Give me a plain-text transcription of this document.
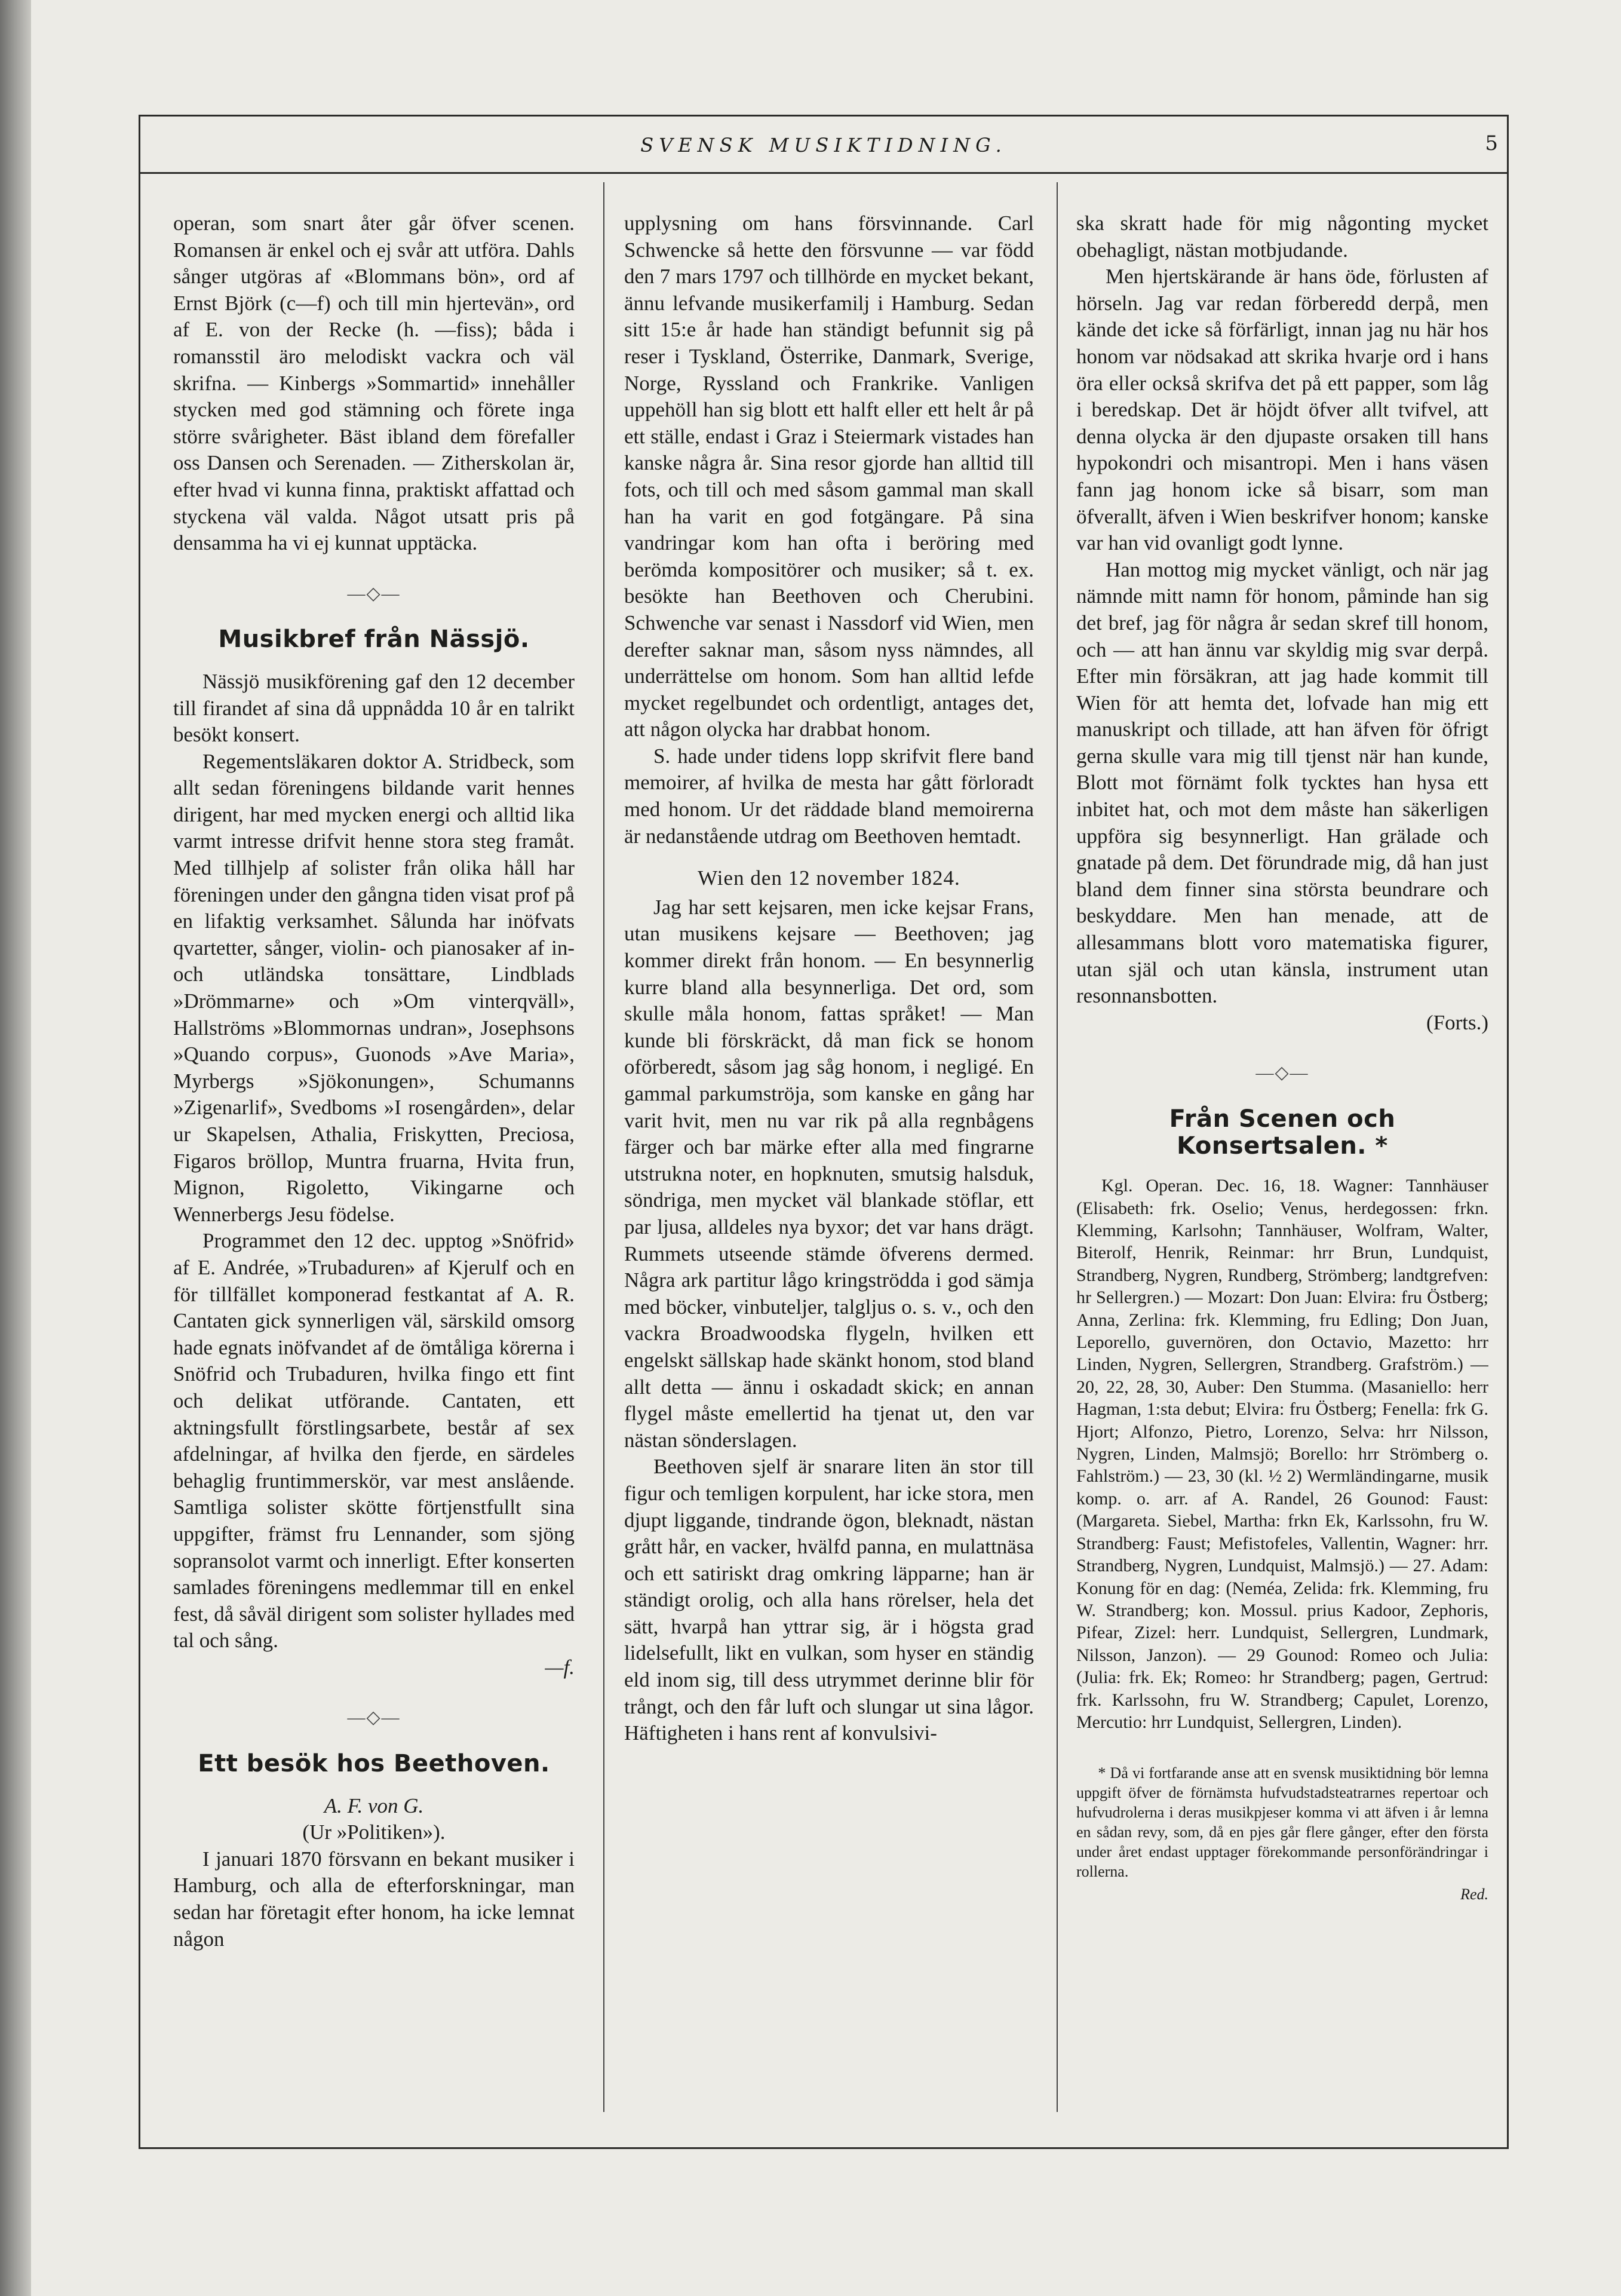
SVENSK MUSIKTIDNING.	5

operan, som snart åter går öfver scenen. Romansen är enkel och ej svår att utföra. Dahls sånger utgöras af «Blommans bön», ord af Ernst Björk (c—f) och till min hjertevän», ord af E. von der Recke (h. —fiss); båda i romansstil äro melodiskt vackra och väl skrifna. — Kinbergs »Sommartid» innehåller stycken med god stämning och förete inga större svårigheter. Bäst ibland dem förefaller oss Dansen och Serenaden. — Zitherskolan är, efter hvad vi kunna finna, praktiskt affattad och styckena väl valda. Något utsatt pris på densamma ha vi ej kunnat upptäcka.

—◇—
Musikbref från Nässjö.

Nässjö musikförening gaf den 12 december till firandet af sina då uppnådda 10 år en talrikt besökt konsert.

Regementsläkaren doktor A. Stridbeck, som allt sedan föreningens bildande varit hennes dirigent, har med mycken energi och alltid lika varmt intresse drifvit henne stora steg framåt. Med tillhjelp af solister från olika håll har föreningen under den gångna tiden visat prof på en lifaktig verksamhet. Sålunda har inöfvats qvartetter, sånger, violin- och pianosaker af in- och utländska tonsättare, Lindblads »Drömmarne» och »Om vinterqväll», Hallströms »Blommornas undran», Josephsons »Quando corpus», Guonods »Ave Maria», Myrbergs »Sjökonungen», Schumanns »Zigenarlif», Svedboms »I rosengården», delar ur Skapelsen, Athalia, Friskytten, Preciosa, Figaros bröllop, Muntra fruarna, Hvita frun, Mignon, Rigoletto, Vikingarne och Wennerbergs Jesu födelse.

Programmet den 12 dec. upptog »Snöfrid» af E. Andrée, »Trubaduren» af Kjerulf och en för tillfället komponerad festkantat af A. R. Cantaten gick synnerligen väl, särskild omsorg hade egnats inöfvandet af de ömtåliga körerna i Snöfrid och Trubaduren, hvilka fingo ett fint och delikat utförande. Cantaten, ett aktningsfullt förstlingsarbete, består af sex afdelningar, af hvilka den fjerde, en särdeles behaglig fruntimmerskör, var mest anslående. Samtliga solister skötte förtjenstfullt sina uppgifter, främst fru Lennander, som sjöng sopransolot varmt och innerligt. Efter konserten samlades föreningens medlemmar till en enkel fest, då såväl dirigent som solister hyllades med tal och sång.

—f.

—◇—
Ett besök hos Beethoven.

A. F. von G.

(Ur »Politiken»).

I januari 1870 försvann en bekant musiker i Hamburg, och alla de efterforskningar, man sedan har företagit efter honom, ha icke lemnat någon

upplysning om hans försvinnande. Carl Schwencke så hette den försvunne — var född den 7 mars 1797 och tillhörde en mycket bekant, ännu lefvande musikerfamilj i Hamburg. Sedan sitt 15:e år hade han ständigt befunnit sig på reser i Tyskland, Österrike, Danmark, Sverige, Norge, Ryssland och Frankrike. Vanligen uppehöll han sig blott ett halft eller ett helt år på ett ställe, endast i Graz i Steiermark vistades han kanske några år. Sina resor gjorde han alltid till fots, och till och med såsom gammal man skall han ha varit en god fotgängare. På sina vandringar kom han ofta i beröring med berömda kompositörer och musiker; så t. ex. besökte han Beethoven och Cherubini. Schwenche var senast i Nassdorf vid Wien, men derefter saknar man, såsom nyss nämndes, all underrättelse om honom. Som han alltid lefde mycket regelbundet och ordentligt, antages det, att någon olycka har drabbat honom.

S. hade under tidens lopp skrifvit flere band memoirer, af hvilka de mesta har gått förloradt med honom. Ur det räddade bland memoirerna är nedanstående utdrag om Beethoven hemtadt.

Wien den 12 november 1824.

Jag har sett kejsaren, men icke kejsar Frans, utan musikens kejsare — Beethoven; jag kommer direkt från honom. — En besynnerlig kurre bland alla besynnerliga. Det ord, som skulle måla honom, fattas språket! — Man kunde bli förskräckt, då man fick se honom oförberedt, såsom jag såg honom, i negligé. En gammal parkumströja, som kanske en gång har varit hvit, men nu var rik på alla regnbågens färger och bar märke efter alla med fingrarne utstrukna noter, en hopknuten, smutsig halsduk, söndriga, men mycket väl blankade stöflar, ett par ljusa, alldeles nya byxor; det var hans drägt. Rummets utseende stämde öfverens dermed. Några ark partitur lågo kringströdda i god sämja med böcker, vinbuteljer, talgljus o. s. v., och den vackra Broadwoodska flygeln, hvilken ett engelskt sällskap hade skänkt honom, stod bland allt detta — ännu i oskadadt skick; en annan flygel måste emellertid ha tjenat ut, den var nästan sönderslagen.

Beethoven sjelf är snarare liten än stor till figur och temligen korpulent, har icke stora, men djupt liggande, tindrande ögon, bleknadt, nästan grått hår, en vacker, hvälfd panna, en mulattnäsa och ett satiriskt drag omkring läpparne; han är ständigt orolig, och alla hans rörelser, hela det sätt, hvarpå han yttrar sig, är i högsta grad lidelsefullt, likt en vulkan, som hyser en ständig eld inom sig, till dess utrymmet derinne blir för trångt, och den får luft och slungar ut sina lågor. Häftigheten i hans rent af konvulsivi-

ska skratt hade för mig någonting mycket obehagligt, nästan motbjudande.

Men hjertskärande är hans öde, förlusten af hörseln. Jag var redan förberedd derpå, men kände det icke så förfärligt, innan jag nu här hos honom var nödsakad att skrika hvarje ord i hans öra eller också skrifva det på ett papper, som låg i beredskap. Det är höjdt öfver allt tvifvel, att denna olycka är den djupaste orsaken till hans hypokondri och misantropi. Men i hans väsen fann jag honom icke så bisarr, som man öfverallt, äfven i Wien beskrifver honom; kanske var han vid ovanligt godt lynne.

Han mottog mig mycket vänligt, och när jag nämnde mitt namn för honom, påminde han sig det bref, jag för några år sedan skref till honom, och — att han ännu var skyldig mig svar derpå. Efter min försäkran, att jag hade kommit till Wien för att hemta det, lofvade han mig ett manuskript och tillade, att han äfven för öfrigt gerna skulle vara mig till tjenst när han kunde, Blott mot förnämt folk tycktes han hysa ett inbitet hat, och mot dem måste han säkerligen uppföra sig besynnerligt. Han grälade och gnatade på dem. Det förundrade mig, då han just bland dem finner sina största beundrare och beskyddare. Men han menade, att de allesammans blott voro matematiska figurer, utan själ och utan känsla, instrument utan resonnansbotten.

(Forts.)

—◇—
Från Scenen och Konsertsalen. *

Kgl. Operan. Dec. 16, 18. Wagner: Tannhäuser (Elisabeth: frk. Oselio; Venus, herdegossen: frkn. Klemming, Karlsohn; Tannhäuser, Wolfram, Walter, Biterolf, Henrik, Reinmar: hrr Brun, Lundquist, Strandberg, Nygren, Rundberg, Strömberg; landtgrefven: hr Sellergren.) — Mozart: Don Juan: Elvira: fru Östberg; Anna, Zerlina: frk. Klemming, fru Edling; Don Juan, Leporello, guvernören, don Octavio, Mazetto: hrr Linden, Nygren, Sellergren, Strandberg. Grafström.) — 20, 22, 28, 30, Auber: Den Stumma. (Masaniello: herr Hagman, 1:sta debut; Elvira: fru Östberg; Fenella: frk G. Hjort; Alfonzo, Pietro, Lorenzo, Selva: hrr Nilsson, Nygren, Linden, Malmsjö; Borello: hrr Strömberg o. Fahlström.) — 23, 30 (kl. ½ 2) Wermländingarne, musik komp. o. arr. af A. Randel, 26 Gounod: Faust: (Margareta. Siebel, Martha: frkn Ek, Karlssohn, fru W. Strandberg: Faust; Mefistofeles, Vallentin, Wagner: hrr. Strandberg, Nygren, Lundquist, Malmsjö.) — 27. Adam: Konung för en dag: (Neméa, Zelida: frk. Klemming, fru W. Strandberg; kon. Mossul. prius Kadoor, Zephoris, Pifear, Zizel: herr. Lundquist, Sellergren, Lundmark, Nilsson, Janzon). — 29 Gounod: Romeo och Julia: (Julia: frk. Ek; Romeo: hr Strandberg; pagen, Gertrud: frk. Karlssohn, fru W. Strandberg; Capulet, Lorenzo, Mercutio: hrr Lundquist, Sellergren, Linden).

* Då vi fortfarande anse att en svensk musiktidning bör lemna uppgift öfver de förnämsta hufvudstadsteatrarnes repertoar och hufvudrolerna i deras musikpjeser komma vi att äfven i år lemna en sådan revy, som, då en pjes går flere gånger, efter den första under året endast upptager förekommande personförändringar i rollerna.

Red.
